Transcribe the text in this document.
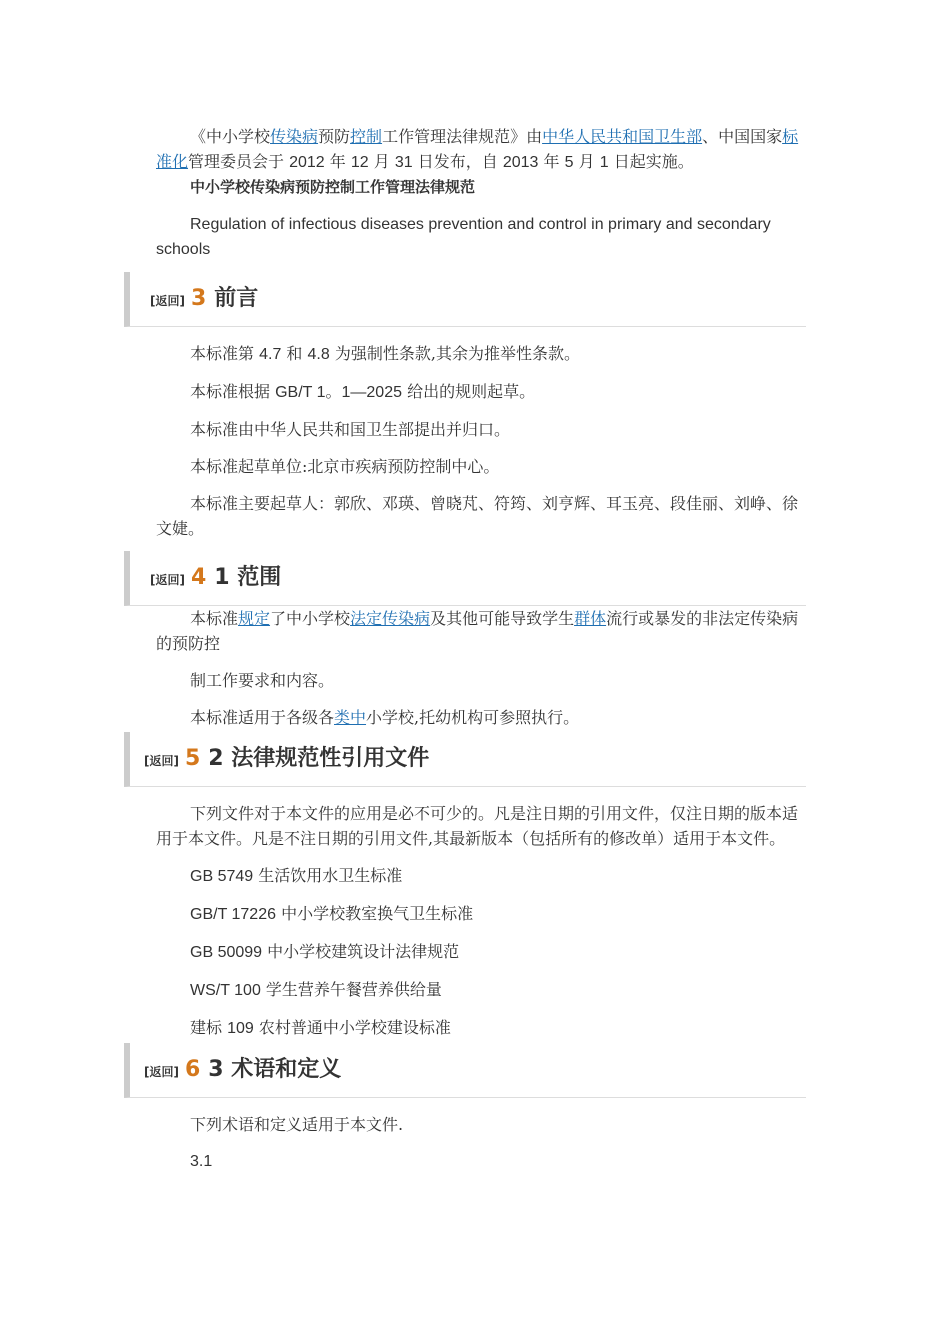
《中小学校传染病预防控制工作管理法律规范》由中华人民共和国卫生部、中国国家标准化管理委员会于 2012 年 12 月 31 日发布，自 2013 年 5 月 1 日起实施。

中小学校传染病预防控制工作管理法律规范

Regulation of infectious diseases prevention and control in primary and secondary schools

[返回] 3 前言

本标准第 4.7 和 4.8 为强制性条款,其余为推举性条款。

本标准根据 GB/T 1。1—2025 给出的规则起草。

本标准由中华人民共和国卫生部提出并归口。

本标准起草单位:北京市疾病预防控制中心。

本标准主要起草人：郭欣、邓瑛、曾晓芃、符筠、刘亨辉、耳玉亮、段佳丽、刘峥、徐文婕。

[返回] 4 1 范围

本标准规定了中小学校法定传染病及其他可能导致学生群体流行或暴发的非法定传染病的预防控

制工作要求和内容。

本标准适用于各级各类中小学校,托幼机构可参照执行。

[返回] 5 2 法律规范性引用文件

下列文件对于本文件的应用是必不可少的。凡是注日期的引用文件，仅注日期的版本适用于本文件。凡是不注日期的引用文件,其最新版本（包括所有的修改单）适用于本文件。

GB 5749 生活饮用水卫生标准

GB/T 17226 中小学校教室换气卫生标准

GB 50099 中小学校建筑设计法律规范

WS/T 100 学生营养午餐营养供给量

建标 109 农村普通中小学校建设标准

[返回] 6 3 术语和定义

下列术语和定义适用于本文件.

3.1
